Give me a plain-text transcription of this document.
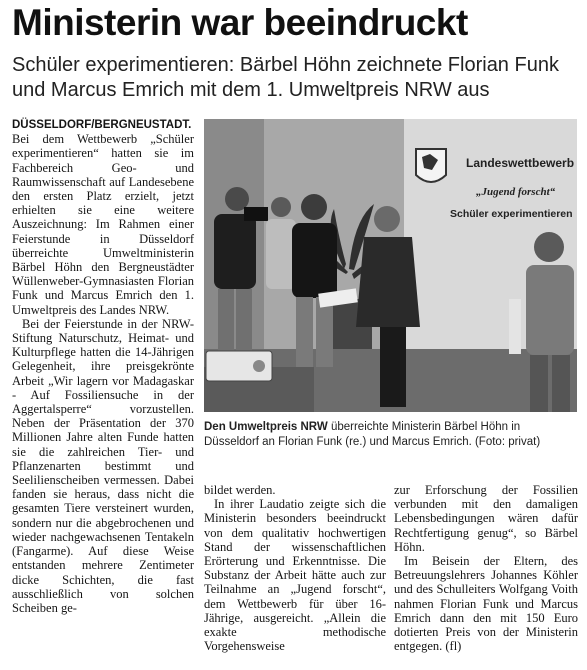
Ministerin war beeindruckt
Schüler experimentieren: Bärbel Höhn zeichnete Florian Funk und Marcus Emrich mit dem 1. Umweltpreis NRW aus

DÜSSELDORF/BERGNEUSTADT. Bei dem Wettbewerb „Schüler experimentieren“ hatten sie im Fachbereich Geo- und Raumwissenschaft auf Landesebene den ersten Platz erzielt, jetzt erhielten sie eine weitere Auszeichnung: Im Rahmen einer Feierstunde in Düsseldorf überreichte Umweltministerin Bärbel Höhn den Bergneustädter Wüllenweber-Gymnasiasten Florian Funk und Marcus Emrich den 1. Umweltpreis des Landes NRW.

Bei der Feierstunde in der NRW-Stiftung Naturschutz, Heimat- und Kulturpflege hatten die 14-Jährigen Gelegenheit, ihre preisgekrönte Arbeit „Wir lagern vor Madagaskar - Auf Fossiliensuche in der Aggertalsperre“ vorzustellen. Neben der Präsentation der 370 Millionen Jahre alten Funde hatten sie die zahlreichen Tier- und Pflanzenarten bestimmt und Seelilienscheiben vermessen. Dabei fanden sie heraus, dass nicht die gesamten Tiere versteinert wurden, sondern nur die abgebrochenen und wieder nachgewachsenen Tentakeln (Fangarme). Auf diese Weise entstanden mehrere Zentimeter dicke Schichten, die fast ausschließlich von solchen Scheiben ge-

Landeswettbewerb
„Jugend forscht“
Schüler experimentieren
Den Umweltpreis NRW überreichte Ministerin Bärbel Höhn in Düsseldorf an Florian Funk (re.) und Marcus Emrich. (Foto: privat)

bildet werden.

In ihrer Laudatio zeigte sich die Ministerin besonders beeindruckt von dem qualitativ hochwertigen Stand der wissenschaftlichen Erörterung und Erkenntnisse. Die Substanz der Arbeit hätte auch zur Teilnahme an „Jugend forscht“, dem Wettbewerb für über 16-Jährige, ausgereicht. „Allein die exakte methodische Vorgehensweise

zur Erforschung der Fossilien verbunden mit den damaligen Lebensbedingungen wären dafür Rechtfertigung genug“, so Bärbel Höhn.

Im Beisein der Eltern, des Betreuungslehrers Johannes Köhler und des Schulleiters Wolfgang Voith nahmen Florian Funk und Marcus Emrich dann den mit 150 Euro dotierten Preis von der Ministerin entgegen. (fl)
